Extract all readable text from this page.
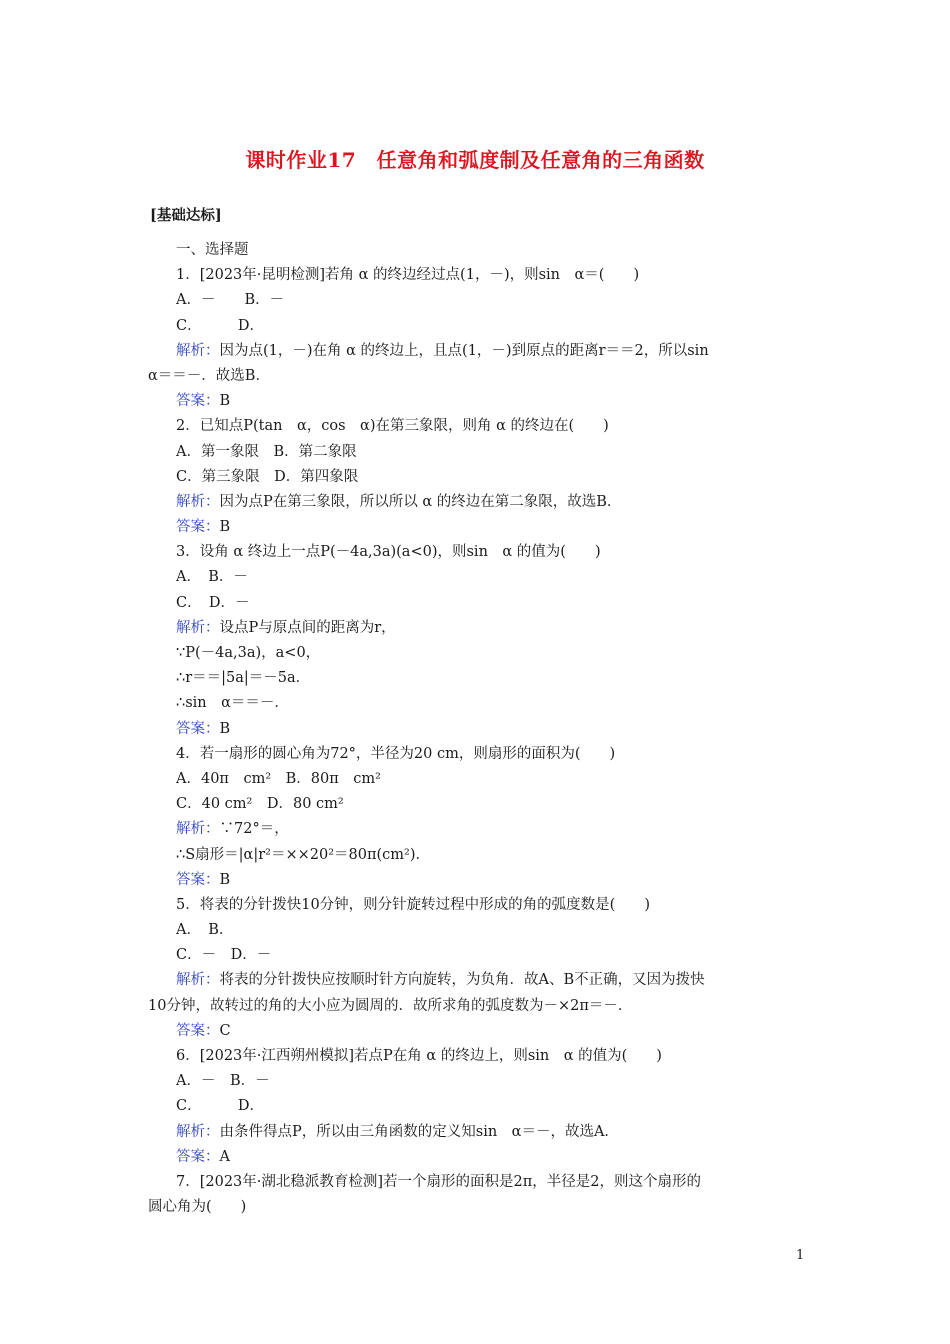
课时作业17　任意角和弧度制及任意角的三角函数
[基础达标]
一、选择题
1．[2023年·昆明检测]若角 α 的终边经过点(1，－)，则sin　α＝(　　)
A．－　　B．－
C．　　　D．
解析：因为点(1，－)在角 α 的终边上，且点(1，－)到原点的距离r＝＝2，所以sin
α＝＝－．故选B．
答案：B
2．已知点P(tan　α，cos　α)在第三象限，则角 α 的终边在(　　)
A．第一象限　B．第二象限
C．第三象限　D．第四象限
解析：因为点P在第三象限，所以所以 α 的终边在第二象限，故选B．
答案：B
3．设角 α 终边上一点P(－4a,3a)(a<0)，则sin　α 的值为(　　)
A．　B．－
C．　D．－
解析：设点P与原点间的距离为r，
∵P(－4a,3a)，a<0，
∴r＝＝|5a|＝－5a．
∴sin　α＝＝－．
答案：B
4．若一扇形的圆心角为72°，半径为20 cm，则扇形的面积为(　　)
A．40π　cm²　B．80π　cm²
C．40 cm²　D．80 cm²
解析：∵72°＝，
∴S扇形＝|α|r²＝××20²＝80π(cm²)．
答案：B
5．将表的分针拨快10分钟，则分针旋转过程中形成的角的弧度数是(　　)
A．　B．
C．－　D．－
解析：将表的分针拨快应按顺时针方向旋转，为负角．故A、B不正确，又因为拨快
10分钟，故转过的角的大小应为圆周的．故所求角的弧度数为－×2π＝－．
答案：C
6．[2023年·江西朔州模拟]若点P在角 α 的终边上，则sin　α 的值为(　　)
A．－　B．－
C．　　　D．
解析：由条件得点P，所以由三角函数的定义知sin　α＝－，故选A．
答案：A
7．[2023年·湖北稳派教育检测]若一个扇形的面积是2π，半径是2，则这个扇形的
圆心角为(　　)
1
